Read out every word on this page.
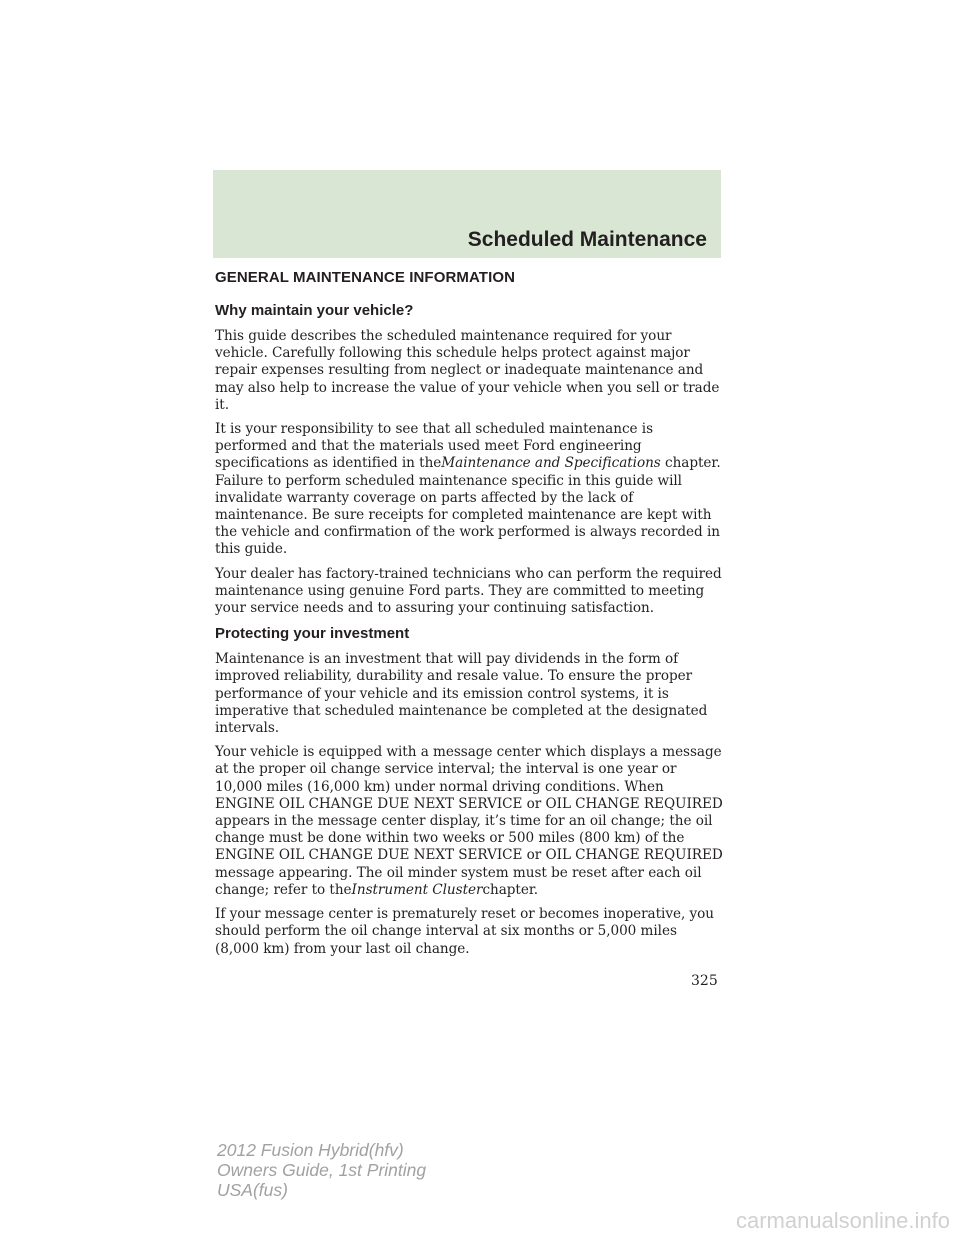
Scheduled Maintenance
GENERAL MAINTENANCE INFORMATION
Why maintain your vehicle?

This guide describes the scheduled maintenance required for your vehicle. Carefully following this schedule helps protect against major repair expenses resulting from neglect or inadequate maintenance and may also help to increase the value of your vehicle when you sell or trade it.

It is your responsibility to see that all scheduled maintenance is performed and that the materials used meet Ford engineering specifications as identified in theMaintenance and Specifications chapter. Failure to perform scheduled maintenance specific in this guide will invalidate warranty coverage on parts affected by the lack of maintenance. Be sure receipts for completed maintenance are kept with the vehicle and confirmation of the work performed is always recorded in this guide.

Your dealer has factory-trained technicians who can perform the required maintenance using genuine Ford parts. They are committed to meeting your service needs and to assuring your continuing satisfaction.

Protecting your investment

Maintenance is an investment that will pay dividends in the form of improved reliability, durability and resale value. To ensure the proper performance of your vehicle and its emission control systems, it is imperative that scheduled maintenance be completed at the designated intervals.

Your vehicle is equipped with a message center which displays a message at the proper oil change service interval; the interval is one year or 10,000 miles (16,000 km) under normal driving conditions. When ENGINE OIL CHANGE DUE NEXT SERVICE or OIL CHANGE REQUIRED appears in the message center display, it’s time for an oil change; the oil change must be done within two weeks or 500 miles (800 km) of the ENGINE OIL CHANGE DUE NEXT SERVICE or OIL CHANGE REQUIRED message appearing. The oil minder system must be reset after each oil change; refer to theInstrument Clusterchapter.

If your message center is prematurely reset or becomes inoperative, you should perform the oil change interval at six months or 5,000 miles (8,000 km) from your last oil change.

325

2012 Fusion Hybrid(hfv)
Owners Guide, 1st Printing
USA(fus)
carmanualsonline.info
